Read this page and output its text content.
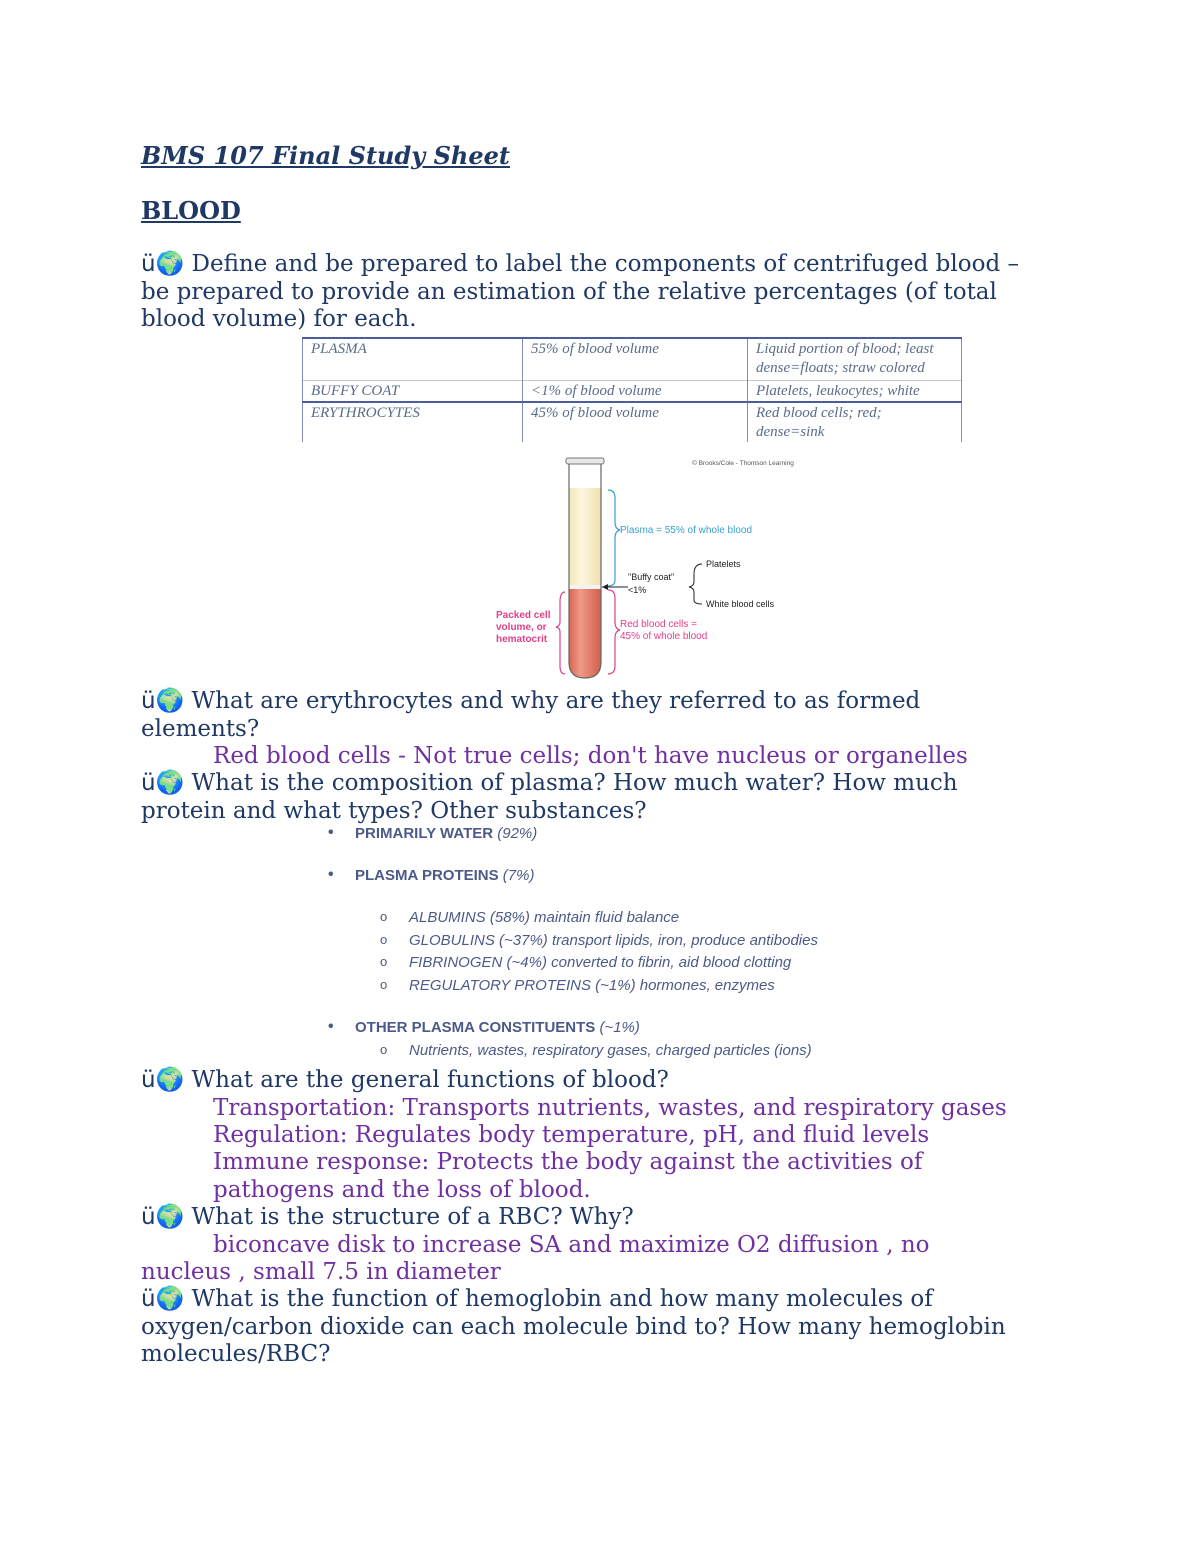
BMS 107 Final Study Sheet
BLOOD
ü🌍 Define and be prepared to label the components of centrifuged blood –
be prepared to provide an estimation of the relative percentages (of total
blood volume) for each.
PLASMA	55% of blood volume	Liquid portion of blood; least
dense=floats; straw colored
BUFFY COAT	<1% of blood volume	Platelets, leukocytes; white
ERYTHROCYTES	45% of blood volume	Red blood cells; red;
dense=sink
© Brooks/Cole - Thomson Learning
Plasma = 55% of whole blood
"Buffy coat"
<1%
Platelets
White blood cells
Red blood cells =
45% of whole blood
Packed cell
volume, or
hematocrit
ü🌍 What are erythrocytes and why are they referred to as formed
elements?
Red blood cells - Not true cells; don't have nucleus or organelles
ü🌍 What is the composition of plasma? How much water? How much
protein and what types? Other substances?
• PRIMARILY WATER (92%)
• PLASMA PROTEINS (7%)
o ALBUMINS (58%) maintain fluid balance
o GLOBULINS (~37%) transport lipids, iron, produce antibodies
o FIBRINOGEN (~4%) converted to fibrin, aid blood clotting
o REGULATORY PROTEINS (~1%) hormones, enzymes
• OTHER PLASMA CONSTITUENTS (~1%)
o Nutrients, wastes, respiratory gases, charged particles (ions)
ü🌍 What are the general functions of blood?
Transportation: Transports nutrients, wastes, and respiratory gases
Regulation: Regulates body temperature, pH, and fluid levels
Immune response: Protects the body against the activities of
pathogens and the loss of blood.
ü🌍 What is the structure of a RBC? Why?
biconcave disk to increase SA and maximize O2 diffusion , no
nucleus , small 7.5 in diameter
ü🌍 What is the function of hemoglobin and how many molecules of
oxygen/carbon dioxide can each molecule bind to? How many hemoglobin
molecules/RBC?
